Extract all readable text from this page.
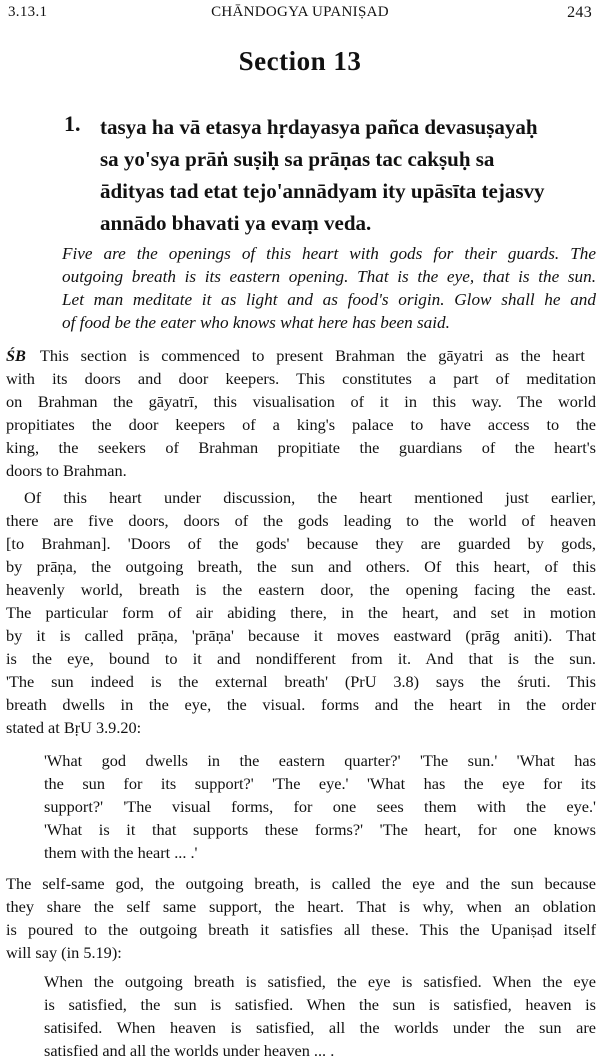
3.13.1	CHĀNDOGYA UPANIṢAD	243
Section 13
1. tasya ha vā etasya hṛdayasya pañca devasuṣayaḥ
sa yo'sya prāṅ suṣiḥ sa prāṇas tac cakṣuḥ sa
ādityas tad etat tejo'annādyam ity upāsīta tejasvy
annādo bhavati ya evaṃ veda.
Five are the openings of this heart with gods for their guards. The
outgoing breath is its eastern opening. That is the eye, that is the sun.
Let man meditate it as light and as food's origin. Glow shall he and
of food be the eater who knows what here has been said.
ŚB This section is commenced to present Brahman the gāyatri as the heart
with its doors and door keepers. This constitutes a part of meditation
on Brahman the gāyatrī, this visualisation of it in this way. The world
propitiates the door keepers of a king's palace to have access to the
king, the seekers of Brahman propitiate the guardians of the heart's
doors to Brahman.
Of this heart under discussion, the heart mentioned just earlier,
there are five doors, doors of the gods leading to the world of heaven
[to Brahman]. 'Doors of the gods' because they are guarded by gods,
by prāṇa, the outgoing breath, the sun and others. Of this heart, of this
heavenly world, breath is the eastern door, the opening facing the east.
The particular form of air abiding there, in the heart, and set in motion
by it is called prāṇa, 'prāṇa' because it moves eastward (prāg aniti). That
is the eye, bound to it and nondifferent from it. And that is the sun.
'The sun indeed is the external breath' (PrU 3.8) says the śruti. This
breath dwells in the eye, the visual. forms and the heart in the order
stated at BṛU 3.9.20:
'What god dwells in the eastern quarter?' 'The sun.' 'What has
the sun for its support?' 'The eye.' 'What has the eye for its
support?' 'The visual forms, for one sees them with the eye.'
'What is it that supports these forms?' 'The heart, for one knows
them with the heart ... .'
The self-same god, the outgoing breath, is called the eye and the sun because
they share the self same support, the heart. That is why, when an oblation
is poured to the outgoing breath it satisfies all these. This the Upaniṣad itself
will say (in 5.19):
When the outgoing breath is satisfied, the eye is satisfied. When the eye
is satisfied, the sun is satisfied. When the sun is satisfied, heaven is
satisifed. When heaven is satisfied, all the worlds under the sun are
satisfied and all the worlds under heaven ... .
